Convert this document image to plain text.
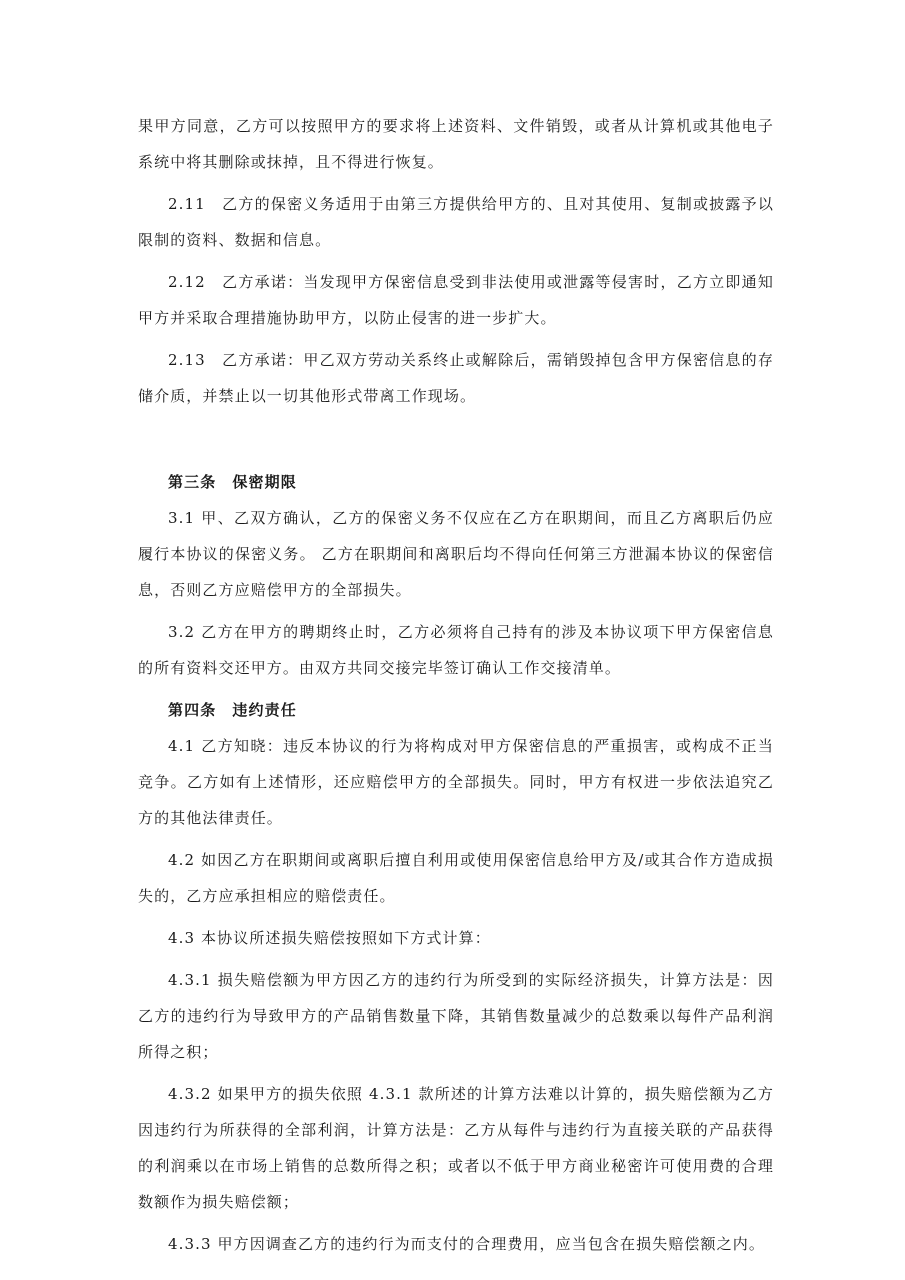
果甲方同意，乙方可以按照甲方的要求将上述资料、文件销毁，或者从计算机或其他电子系统中将其删除或抹掉，且不得进行恢复。

2.11　乙方的保密义务适用于由第三方提供给甲方的、且对其使用、复制或披露予以限制的资料、数据和信息。

2.12　乙方承诺：当发现甲方保密信息受到非法使用或泄露等侵害时，乙方立即通知甲方并采取合理措施协助甲方，以防止侵害的进一步扩大。

2.13　乙方承诺：甲乙双方劳动关系终止或解除后，需销毁掉包含甲方保密信息的存储介质，并禁止以一切其他形式带离工作现场。

第三条　保密期限

3.1 甲、乙双方确认，乙方的保密义务不仅应在乙方在职期间，而且乙方离职后仍应履行本协议的保密义务。 乙方在职期间和离职后均不得向任何第三方泄漏本协议的保密信息，否则乙方应赔偿甲方的全部损失。

3.2 乙方在甲方的聘期终止时，乙方必须将自己持有的涉及本协议项下甲方保密信息的所有资料交还甲方。由双方共同交接完毕签订确认工作交接清单。

第四条　违约责任

4.1 乙方知晓：违反本协议的行为将构成对甲方保密信息的严重损害，或构成不正当竞争。乙方如有上述情形，还应赔偿甲方的全部损失。同时，甲方有权进一步依法追究乙方的其他法律责任。

4.2 如因乙方在职期间或离职后擅自利用或使用保密信息给甲方及/或其合作方造成损失的，乙方应承担相应的赔偿责任。

4.3 本协议所述损失赔偿按照如下方式计算：

4.3.1 损失赔偿额为甲方因乙方的违约行为所受到的实际经济损失，计算方法是：因乙方的违约行为导致甲方的产品销售数量下降，其销售数量减少的总数乘以每件产品利润所得之积；

4.3.2 如果甲方的损失依照 4.3.1 款所述的计算方法难以计算的，损失赔偿额为乙方因违约行为所获得的全部利润，计算方法是：乙方从每件与违约行为直接关联的产品获得的利润乘以在市场上销售的总数所得之积；或者以不低于甲方商业秘密许可使用费的合理数额作为损失赔偿额；

4.3.3 甲方因调查乙方的违约行为而支付的合理费用，应当包含在损失赔偿额之内。
